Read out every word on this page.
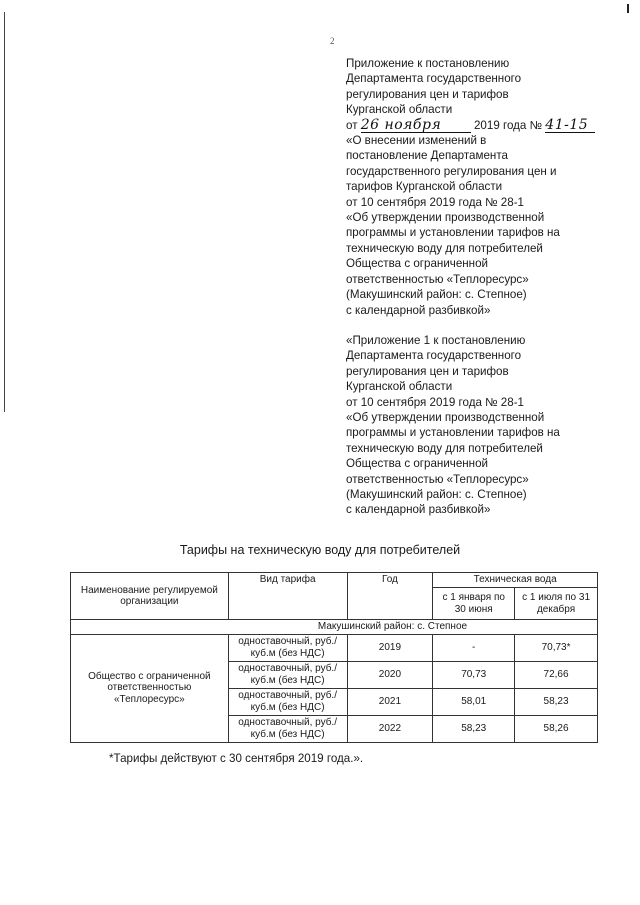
2

Приложение к постановлению

Департамента государственного

регулирования цен и тарифов

Курганской области

от 26 ноября	2019 года № 41-15

«О внесении изменений в

постановление Департамента

государственного регулирования цен и

тарифов Курганской области

от 10 сентября 2019 года № 28-1

«Об утверждении производственной

программы и установлении тарифов на

техническую воду для потребителей

Общества с ограниченной

ответственностью «Теплоресурс»

(Макушинский район: с. Степное)

с календарной разбивкой»

«Приложение 1 к постановлению

Департамента государственного

регулирования цен и тарифов

Курганской области

от 10 сентября 2019 года № 28-1

«Об утверждении производственной

программы и установлении тарифов на

техническую воду для потребителей

Общества с ограниченной

ответственностью «Теплоресурс»

(Макушинский район: с. Степное)

с календарной разбивкой»

Тарифы на техническую воду для потребителей
Наименование регулируемой организации	Вид тарифа	Год	Техническая вода	
			с 1 января по 30 июня	с 1 июля по 31 декабря
Макушинский район: с. Степное				
Общество с ограниченной ответственностью «Теплоресурс»	одноставочный, руб./куб.м (без НДС)	2019	-	70,73*
	одноставочный, руб./куб.м (без НДС)	2020	70,73	72,66
	одноставочный, руб./куб.м (без НДС)	2021	58,01	58,23
	одноставочный, руб./куб.м (без НДС)	2022	58,23	58,26
*Тарифы действуют с 30 сентября 2019 года.».
